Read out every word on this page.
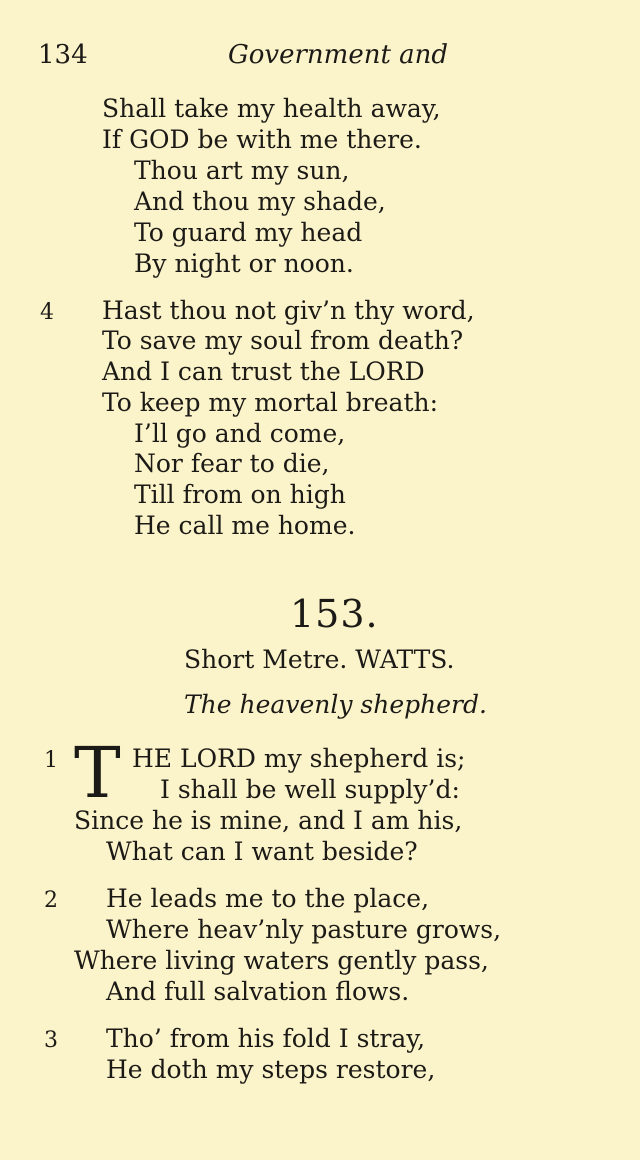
134	Government and
Shall take my health away,
If GOD be with me there.
Thou art my sun,
And thou my shade,
To guard my head
By night or noon.
4 Hast thou not giv’n thy word,
To save my soul from death?
And I can trust the LORD
To keep my mortal breath:
I’ll go and come,
Nor fear to die,
Till from on high
He call me home.
153.
Short Metre. WATTS.
The heavenly shepherd.
1 T HE LORD my shepherd is;
I shall be well supply’d:
Since he is mine, and I am his,
What can I want beside?
2 He leads me to the place,
Where heav’nly pasture grows,
Where living waters gently pass,
And full salvation flows.
3 Tho’ from his fold I stray,
He doth my steps restore,
